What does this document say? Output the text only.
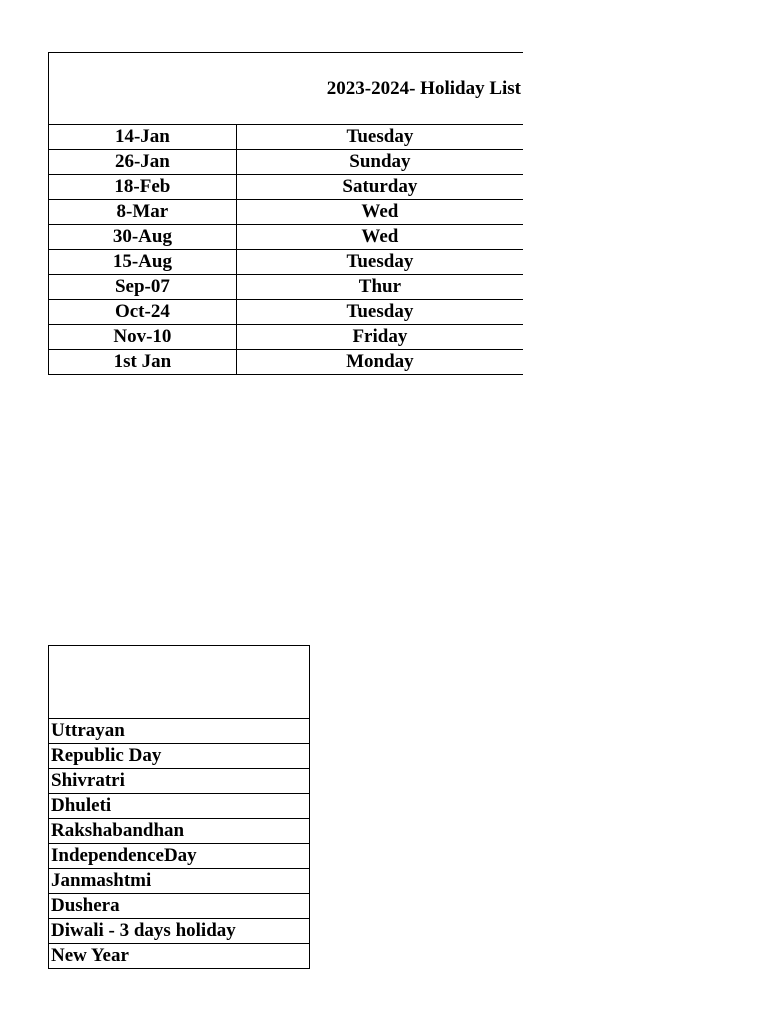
2023-2024- Holiday List	
14-Jan	Tuesday
26-Jan	Sunday
18-Feb	Saturday
8-Mar	Wed
30-Aug	Wed
15-Aug	Tuesday
Sep-07	Thur
Oct-24	Tuesday
Nov-10	Friday
1st Jan	Monday

Uttrayan
Republic Day
Shivratri
Dhuleti
Rakshabandhan
IndependenceDay
Janmashtmi
Dushera
Diwali - 3 days holiday
New Year
